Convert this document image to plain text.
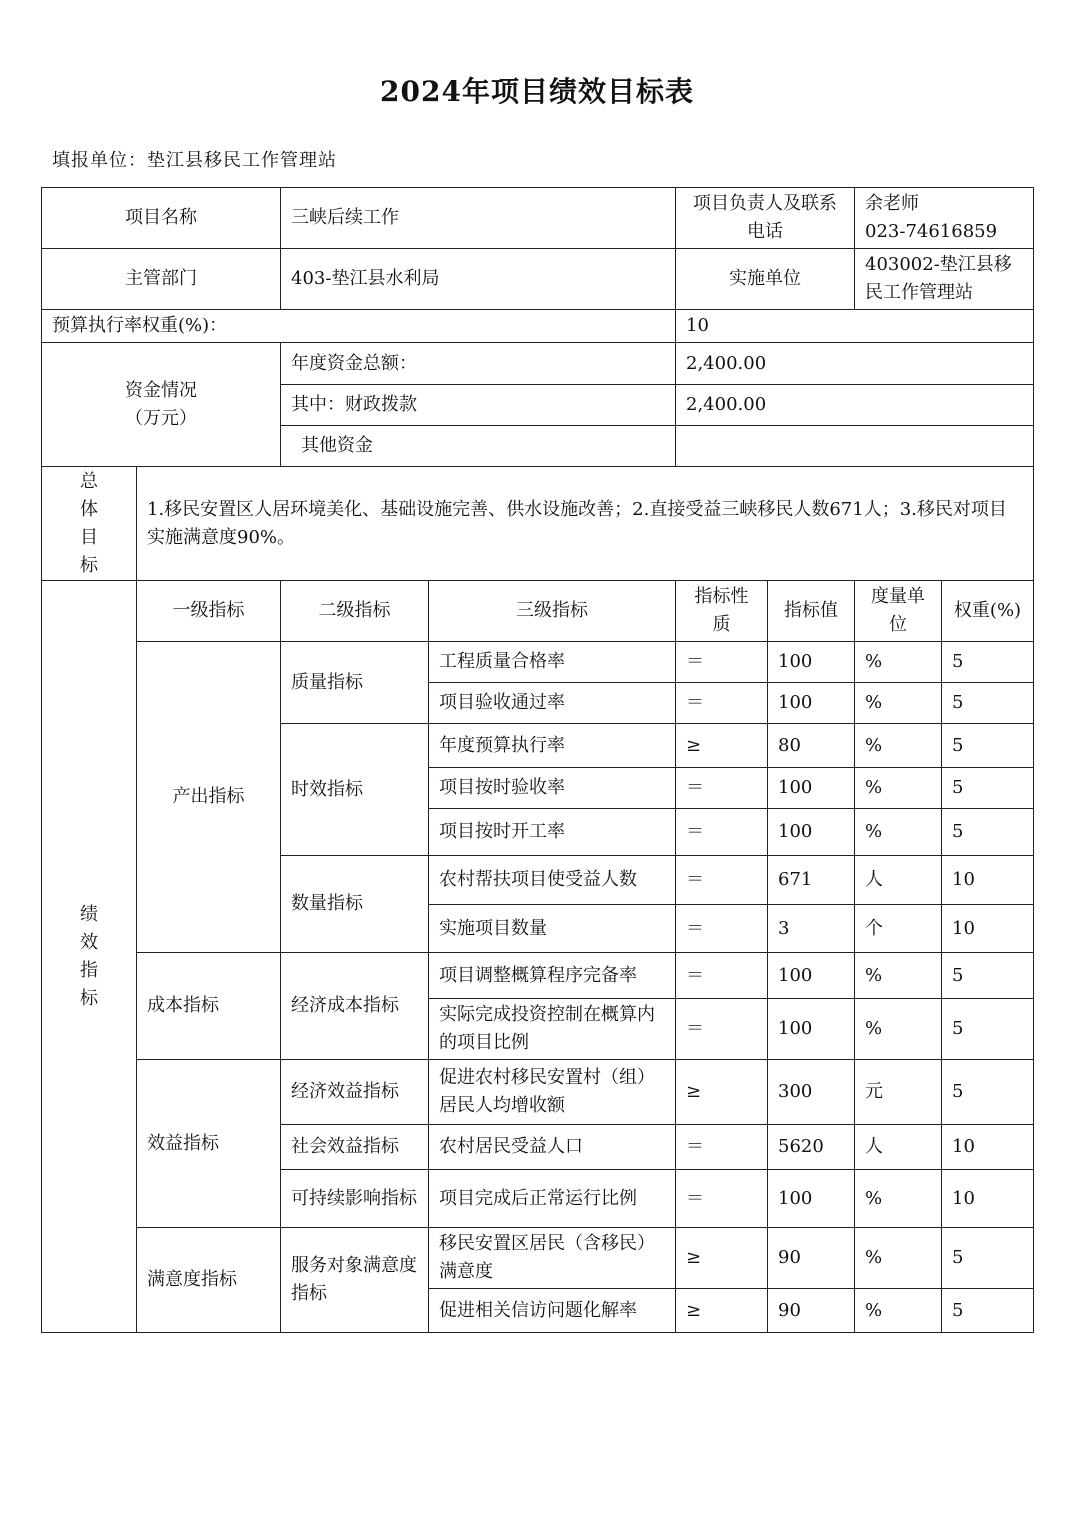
2024年项目绩效目标表
填报单位：垫江县移民工作管理站
项目名称		三峡后续工作		项目负责人及联系电话		余老师
023-74616859	

主管部门		403-垫江县水利局		实施单位		403002-垫江县移民工作管理站	
预算执行率权重(%)：				10			

资金情况
（万元）		年度资金总额：		2,400.00			
		其中：财政拨款		2,400.00			
		其他资金					

总
体
目
标	1.移民安置区人居环境美化、基础设施完善、供水设施改善；2.直接受益三峡移民人数671人；3.移民对项目实施满意度90%。						

绩
效
指
标	一级指标	二级指标	三级指标	指标性质	指标值	度量单位	权重(%)
	产出指标	质量指标	工程质量合格率	＝	100	%	5
			项目验收通过率	＝	100	%	5
		时效指标	年度预算执行率	≥	80	%	5
			项目按时验收率	＝	100	%	5
			项目按时开工率	＝	100	%	5
		数量指标	农村帮扶项目使受益人数	＝	671	人	10
			实施项目数量	＝	3	个	10
	成本指标	经济成本指标	项目调整概算程序完备率	＝	100	%	5
			实际完成投资控制在概算内的项目比例	＝	100	%	5
	效益指标	经济效益指标	促进农村移民安置村（组）居民人均增收额	≥	300	元	5
		社会效益指标	农村居民受益人口	＝	5620	人	10
		可持续影响指标	项目完成后正常运行比例	＝	100	%	10
	满意度指标	服务对象满意度指标	移民安置区居民（含移民）满意度	≥	90	%	5
			促进相关信访问题化解率	≥	90	%	5
